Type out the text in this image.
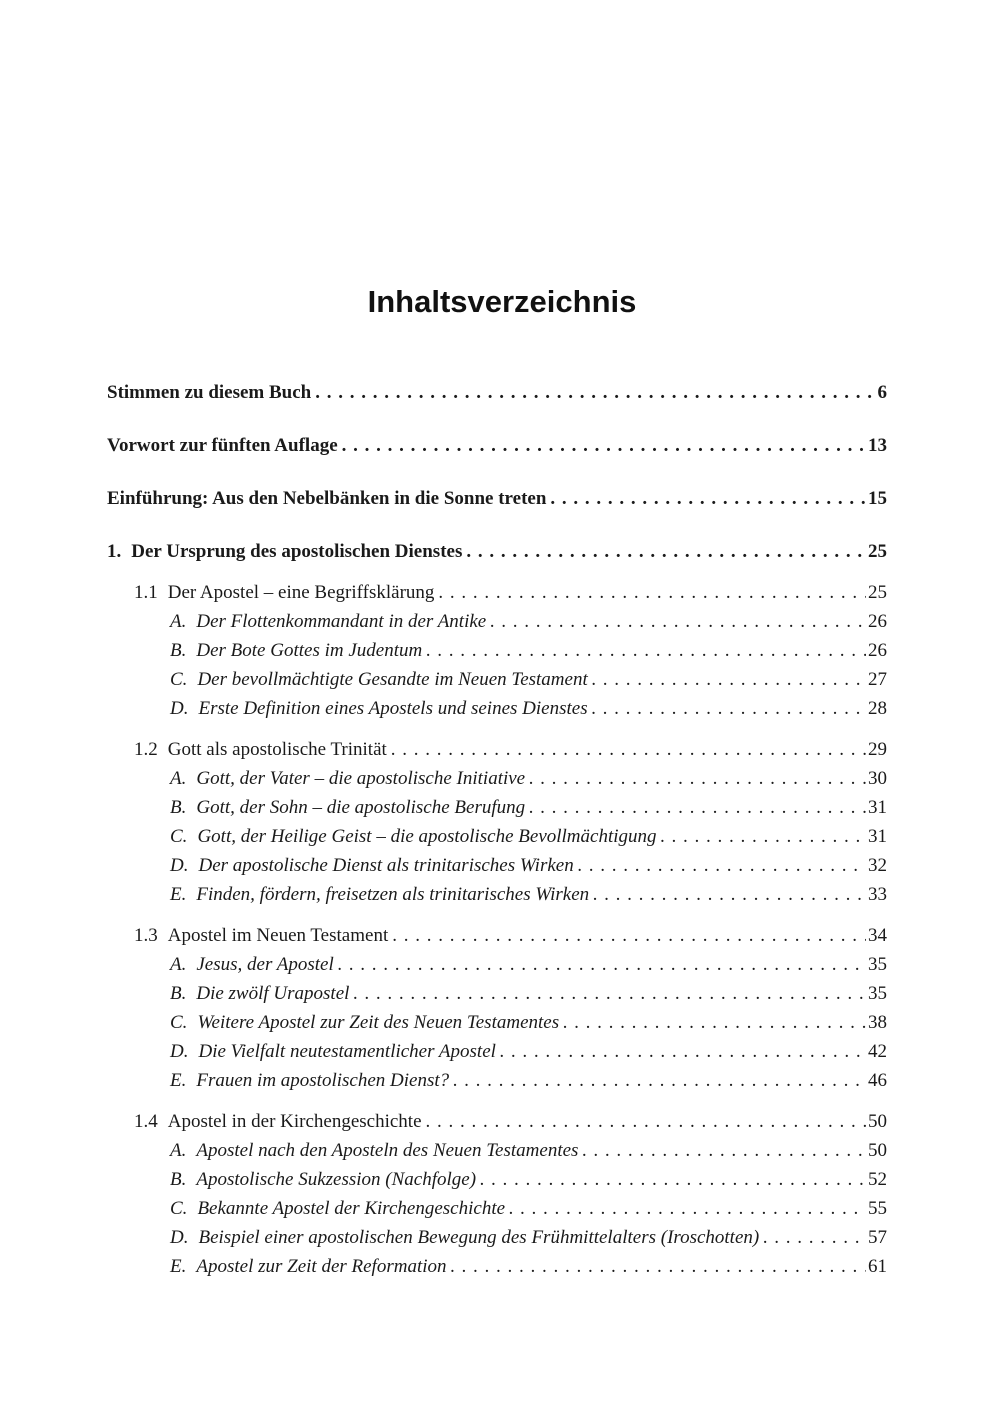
Inhaltsverzeichnis
Stimmen zu diesem Buch . . .	6
Vorwort zur fünften Auflage . . .	13
Einführung: Aus den Nebelbänken in die Sonne treten . . .	15
1. Der Ursprung des apostolischen Dienstes . . .	25
1.1 Der Apostel – eine Begriffsklärung . . .	25
A. Der Flottenkommandant in der Antike . . .	26
B. Der Bote Gottes im Judentum . . .	26
C. Der bevollmächtigte Gesandte im Neuen Testament . . .	27
D. Erste Definition eines Apostels und seines Dienstes . . .	28
1.2 Gott als apostolische Trinität . . .	29
A. Gott, der Vater – die apostolische Initiative . . .	30
B. Gott, der Sohn – die apostolische Berufung . . .	31
C. Gott, der Heilige Geist – die apostolische Bevollmächtigung . . .	31
D. Der apostolische Dienst als trinitarisches Wirken . . .	32
E. Finden, fördern, freisetzen als trinitarisches Wirken . . .	33
1.3 Apostel im Neuen Testament . . .	34
A. Jesus, der Apostel . . .	35
B. Die zwölf Urapostel . . .	35
C. Weitere Apostel zur Zeit des Neuen Testamentes . . .	38
D. Die Vielfalt neutestamentlicher Apostel . . .	42
E. Frauen im apostolischen Dienst? . . .	46
1.4 Apostel in der Kirchengeschichte . . .	50
A. Apostel nach den Aposteln des Neuen Testamentes . . .	50
B. Apostolische Sukzession (Nachfolge) . . .	52
C. Bekannte Apostel der Kirchengeschichte . . .	55
D. Beispiel einer apostolischen Bewegung des Frühmittelalters (Iroschotten) . . .	57
E. Apostel zur Zeit der Reformation . . .	61
